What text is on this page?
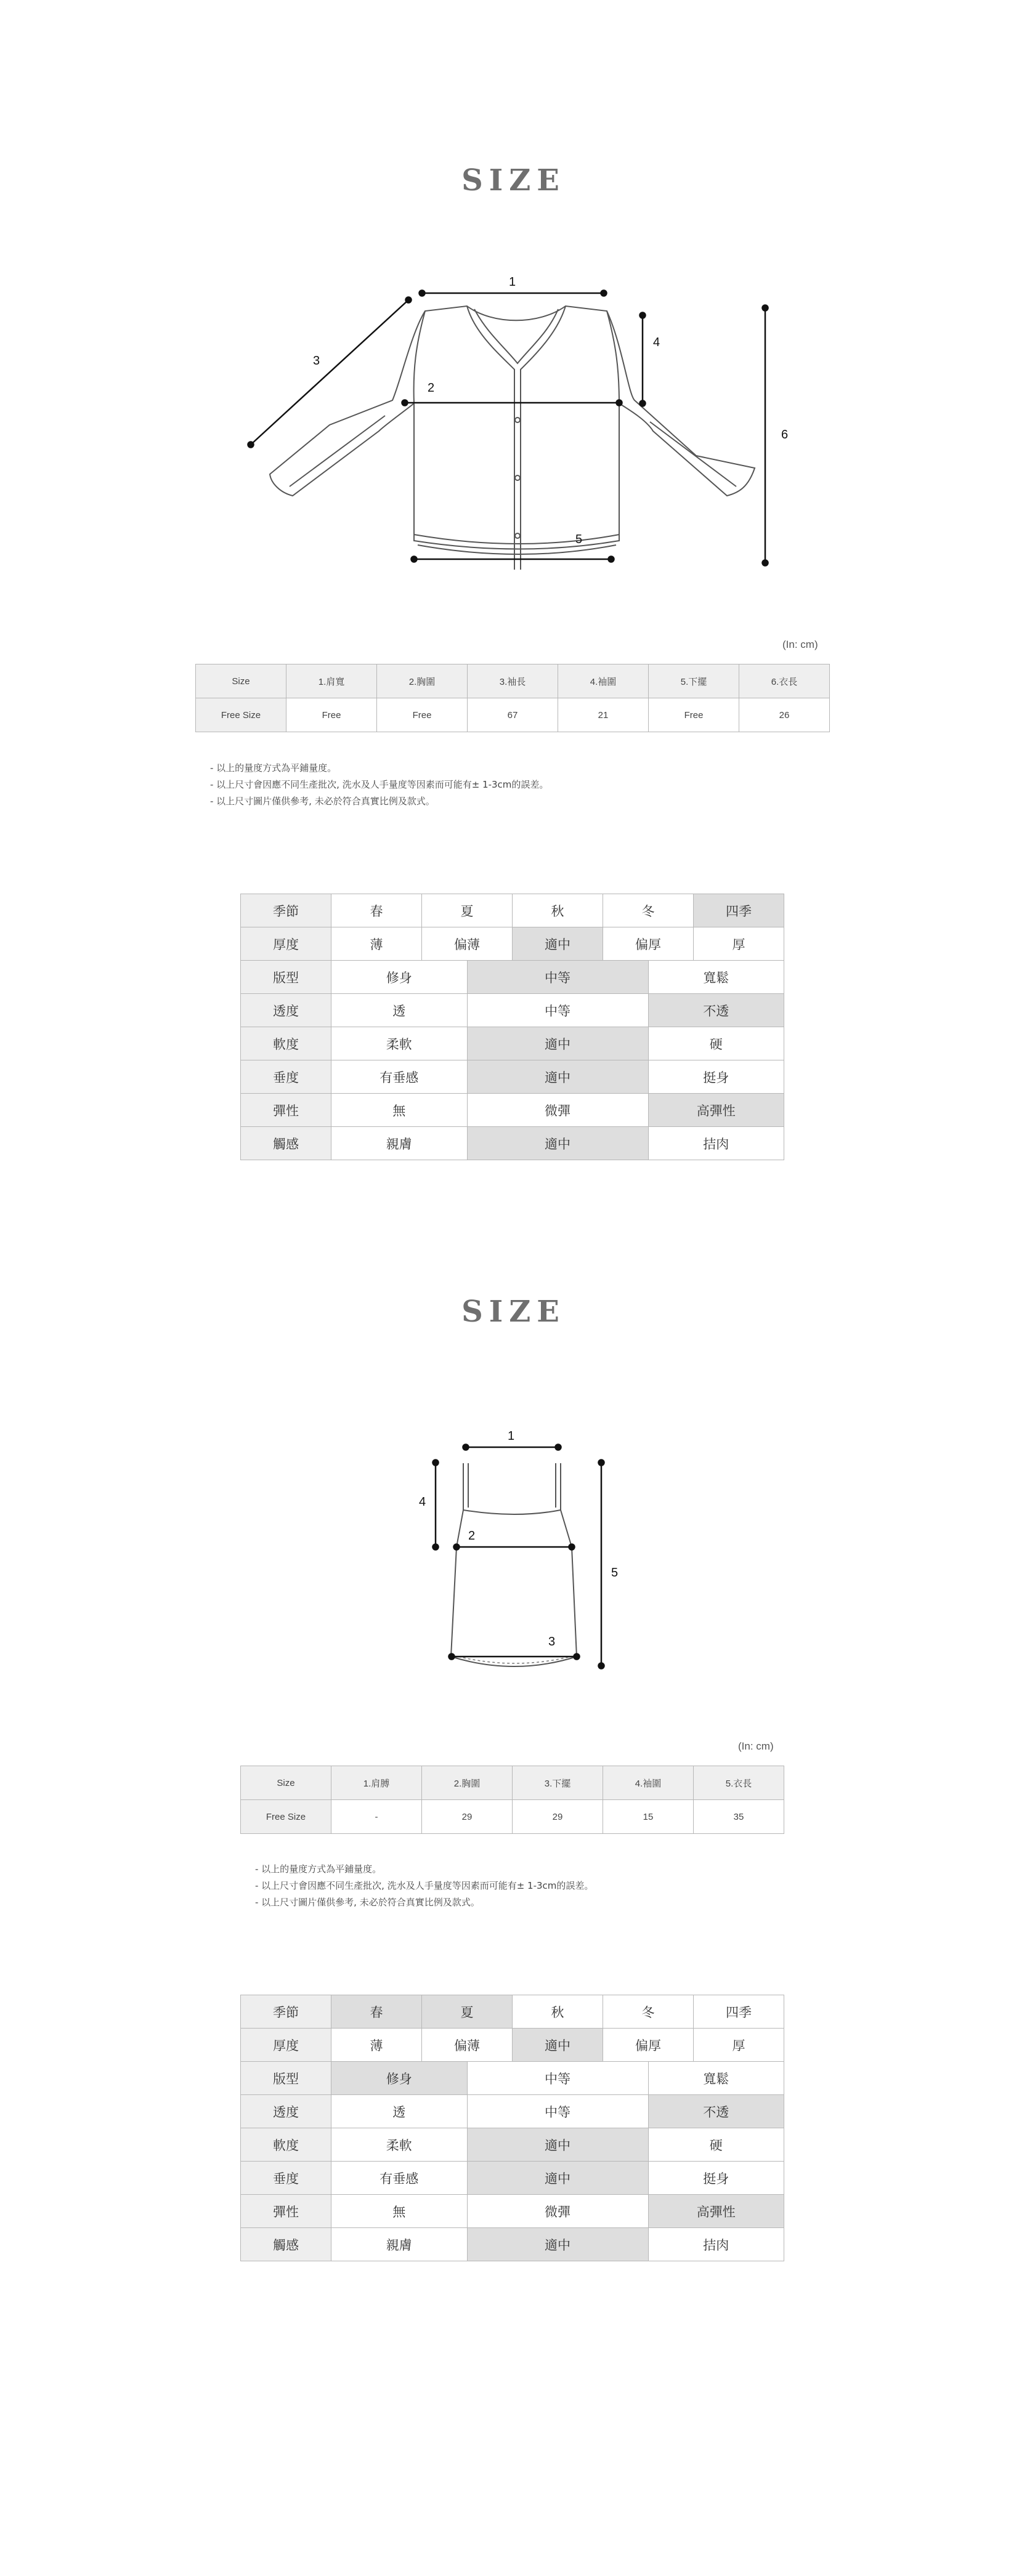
SIZE
1
2
3
4
5
6
(In: cm)
Size	1.肩寬	2.胸圍	3.袖長	4.袖圍	5.下擺	6.衣長
Free Size	Free	Free	67	21	Free	26
- 以上的量度方式為平鋪量度。
- 以上尺寸會因應不同生產批次, 洗水及人手量度等因素而可能有± 1-3cm的誤差。
- 以上尺寸圖片僅供參考, 未必於符合真實比例及款式。
季節	春	夏		秋	冬		四季
厚度	薄	偏薄		適中	偏厚		厚
版型	修身		中等			寬鬆	
透度	透		中等			不透	
軟度	柔軟		適中			硬	
垂度	有垂感		適中			挺身	
彈性	無		微彈			高彈性	
觸感	親膚		適中			拮肉	
SIZE
1
2
3
4
5
(In: cm)
Size	1.肩膊	2.胸圍	3.下擺	4.袖圍	5.衣長
Free Size	-	29	29	15	35
- 以上的量度方式為平鋪量度。
- 以上尺寸會因應不同生產批次, 洗水及人手量度等因素而可能有± 1-3cm的誤差。
- 以上尺寸圖片僅供參考, 未必於符合真實比例及款式。
季節	春	夏		秋	冬		四季
厚度	薄	偏薄		適中	偏厚		厚
版型	修身		中等			寬鬆	
透度	透		中等			不透	
軟度	柔軟		適中			硬	
垂度	有垂感		適中			挺身	
彈性	無		微彈			高彈性	
觸感	親膚		適中			拮肉	
